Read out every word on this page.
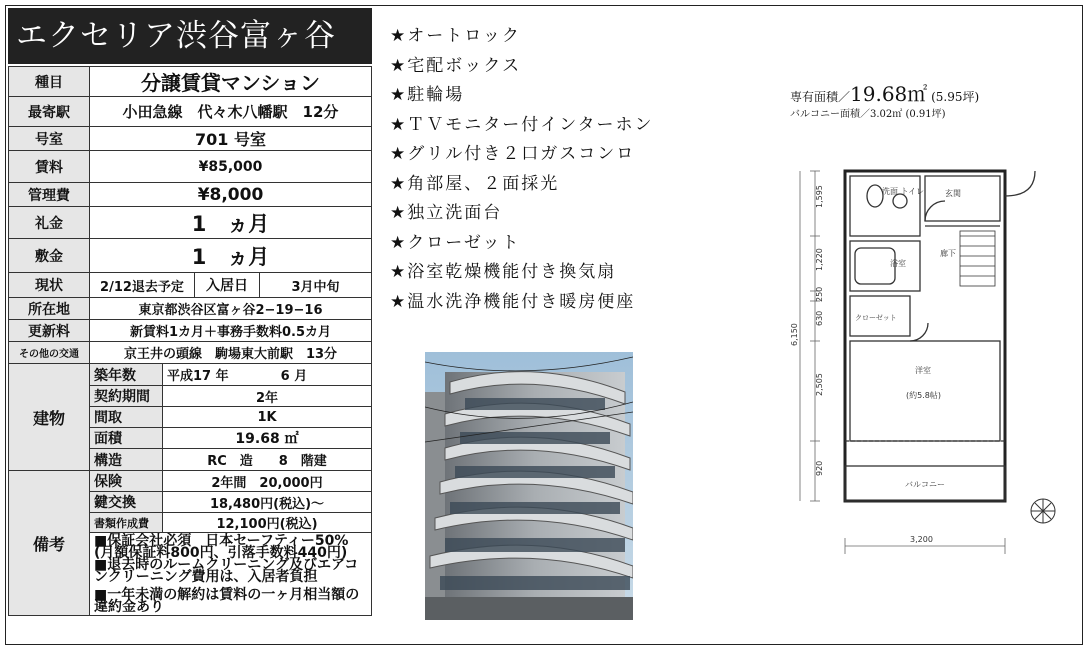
エクセリア渋谷富ヶ谷
種目	分譲賃貸マンション	
最寄駅	小田急線　代々木八幡駅　12分	
号室	701 号室	
賃料	¥85,000	
管理費	¥8,000	
礼金	1　ヵ月	
敷金	1　ヵ月	
現状	2/12退去予定 入居日 3月中旬	

所在地	東京都渋谷区富ヶ谷2−19−16	
更新料	新賃料1カ月＋事務手数料0.5カ月	
その他の交通	京王井の頭線　駒場東大前駅　13分	
建物	築年数	平成17 年　　　　6 月
	契約期間	2年
	間取	1K
	面積	19.68 ㎡
	構造	RC　造　　8　階建
備考	保険	2年間　20,000円
	鍵交換	18,480円(税込)～
	書類作成費	12,100円(税込)

	■保証会社必須　日本セーフティー50%(月額保証料800円、引落手数料440円)
■退去時のルームクリーニング及びエアコンクリーニング費用は、入居者負担
■一年未満の解約は賃料の一ヶ月相当額の違約金あり	
★オートロック
★宅配ボックス
★駐輪場
★ＴＶモニター付インターホン
★グリル付き２口ガスコンロ
★角部屋、２面採光
★独立洗面台
★クローゼット
★浴室乾燥機能付き換気扇
★温水洗浄機能付き暖房便座
専有面積／19.68㎡ (5.95坪)
バルコニー面積／3.02㎡ (0.91坪)
1,595
1,220
250
630
2,505
920
6,150
3,200
洗面 トイレ	玄関
浴室
廊下
クローゼット
洋室
(約5.8帖)
バルコニー
